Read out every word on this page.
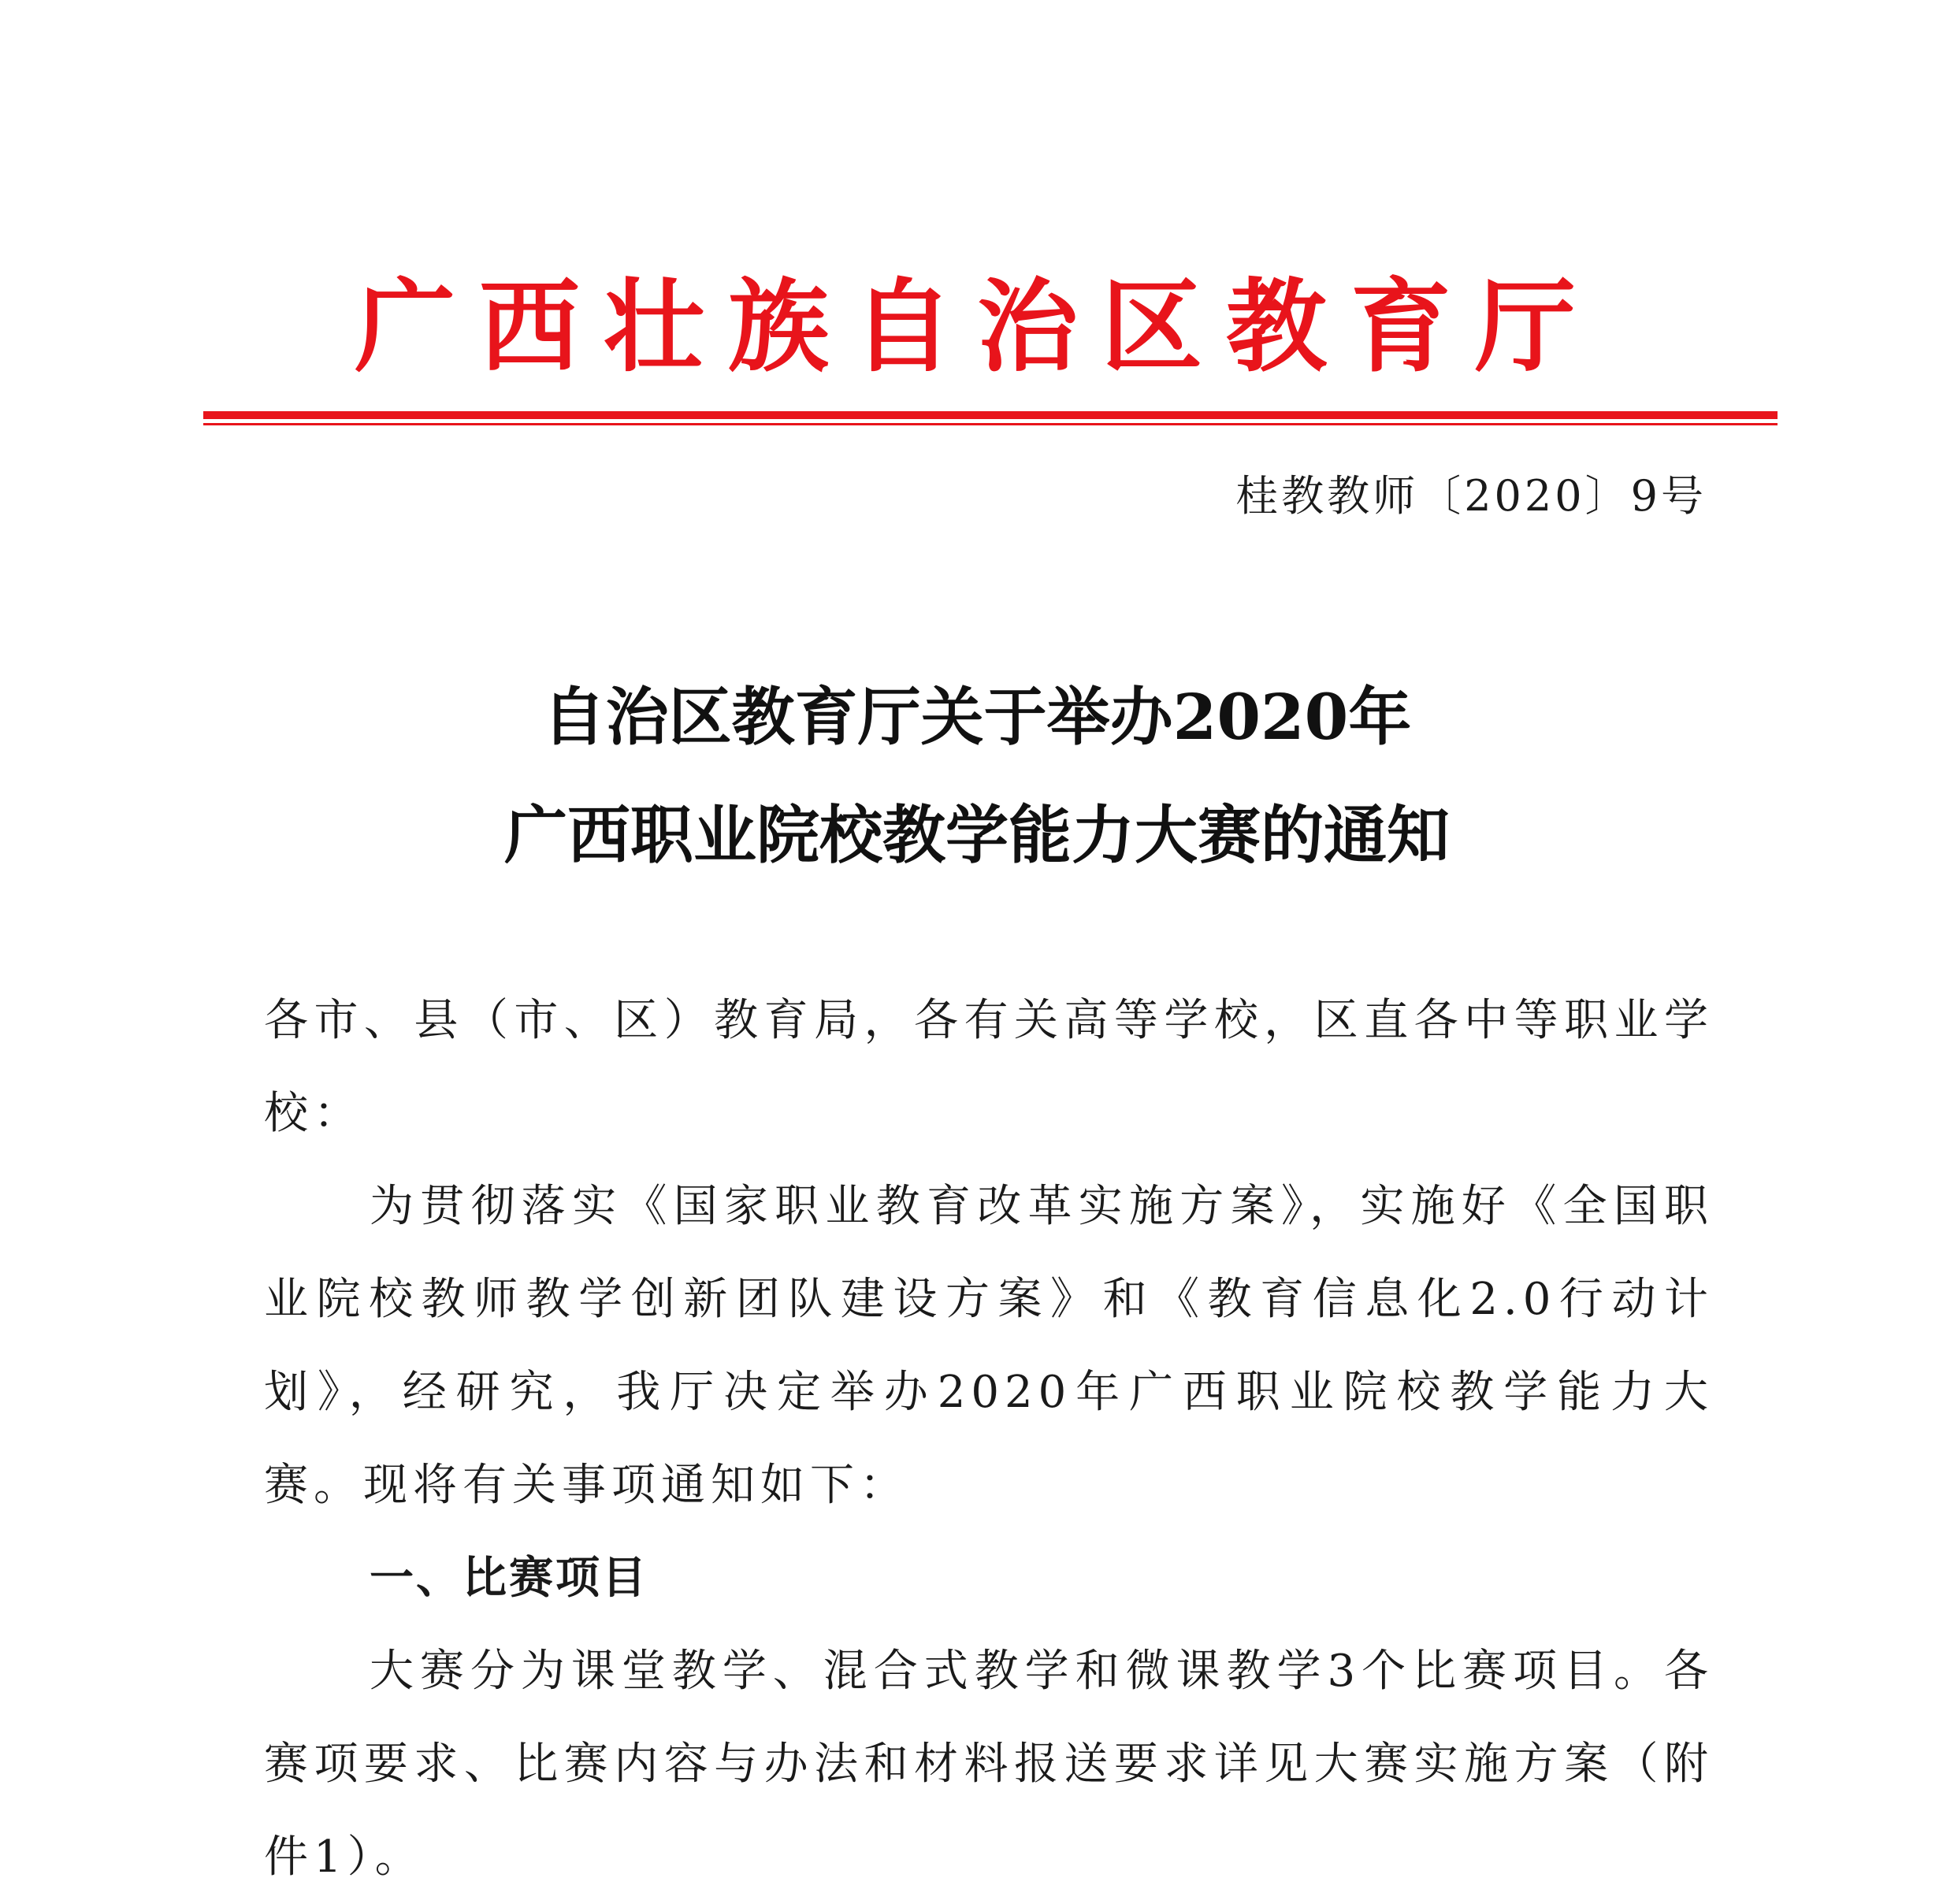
广西壮族自治区教育厅
桂教教师〔2020〕9号
自治区教育厅关于举办2020年
广西职业院校教学能力大赛的通知

各市、县（市、区）教育局，各有关高等学校，区直各中等职业学校：

为贯彻落实《国家职业教育改革实施方案》，实施好《全国职业院校教师教学创新团队建设方案》和《教育信息化2.0行动计划》，经研究，我厅决定举办2020年广西职业院校教学能力大赛。现将有关事项通知如下：

一、比赛项目

大赛分为课堂教学、混合式教学和微课教学3个比赛项目。各赛项要求、比赛内容与办法和材料报送要求详见大赛实施方案（附件1）。
